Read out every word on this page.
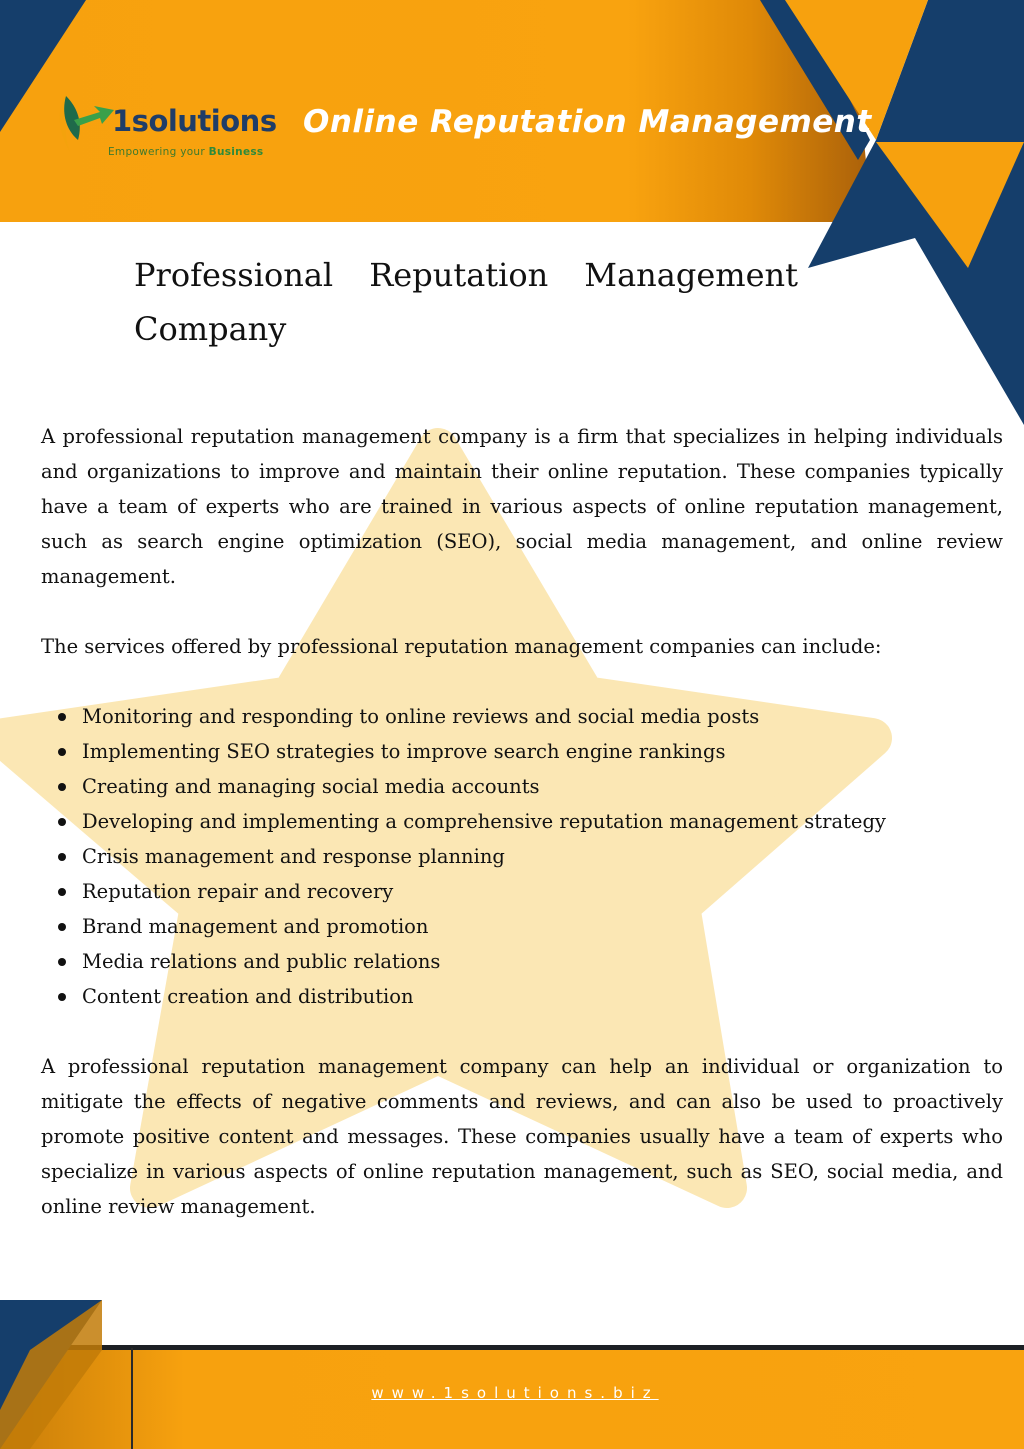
1solutions
Empowering your Business
Online Reputation Management
Professional Reputation Management Company

A professional reputation management company is a firm that specializes in helping individuals and organizations to improve and maintain their online reputation. These companies typically have a team of experts who are trained in various aspects of online reputation management, such as search engine optimization (SEO), social media management, and online review management.

The services offered by professional reputation management companies can include:

Monitoring and responding to online reviews and social media posts
Implementing SEO strategies to improve search engine rankings
Creating and managing social media accounts
Developing and implementing a comprehensive reputation management strategy
Crisis management and response planning
Reputation repair and recovery
Brand management and promotion
Media relations and public relations
Content creation and distribution

A professional reputation management company can help an individual or organization to mitigate the effects of negative comments and reviews, and can also be used to proactively promote positive content and messages. These companies usually have a team of experts who specialize in various aspects of online reputation management, such as SEO, social media, and online review management.

www.1solutions.biz
